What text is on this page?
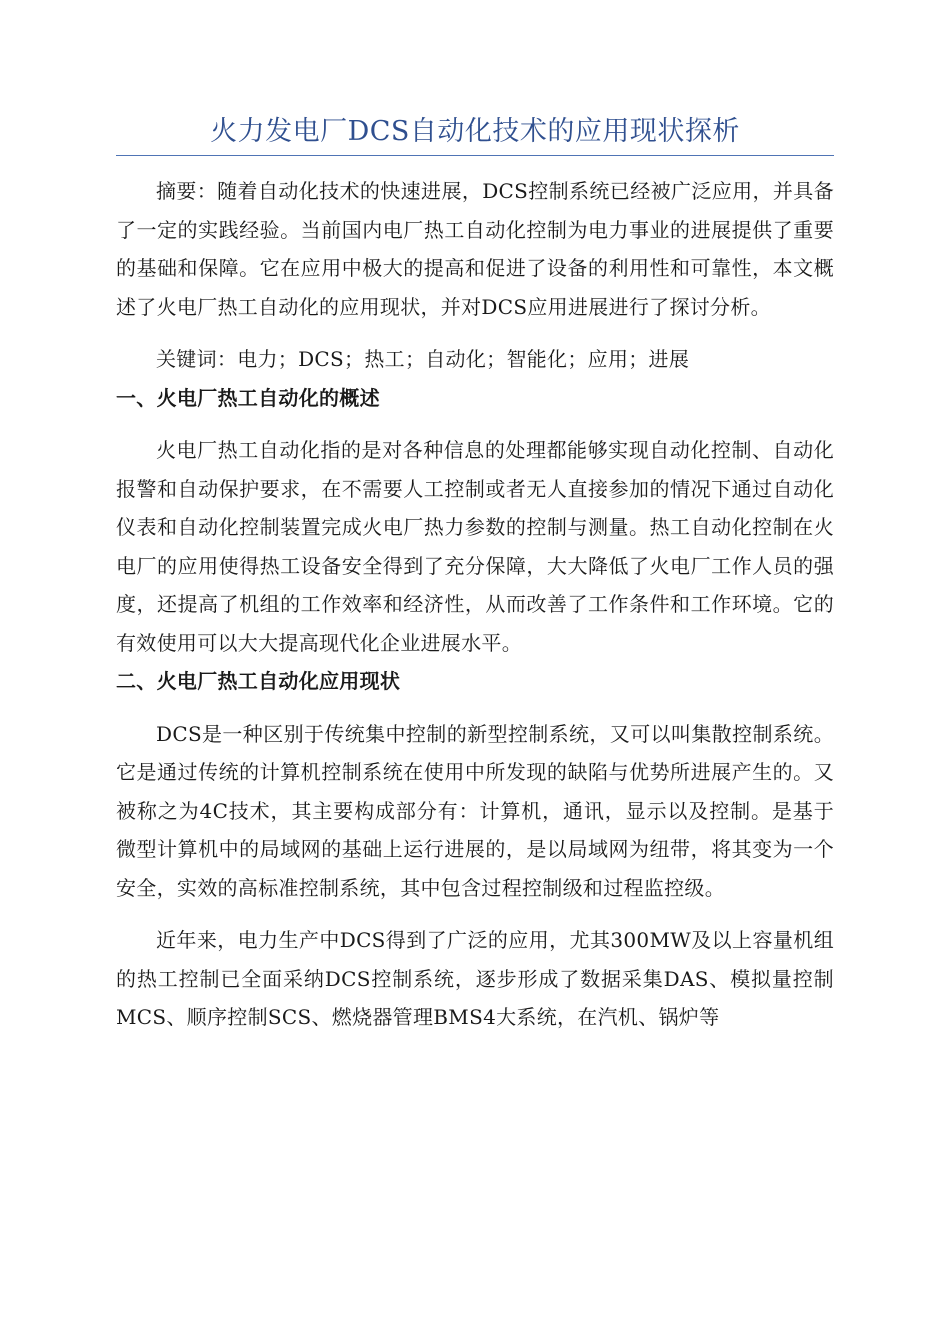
火力发电厂DCS自动化技术的应用现状探析

摘要：随着自动化技术的快速进展，DCS控制系统已经被广泛应用，并具备了一定的实践经验。当前国内电厂热工自动化控制为电力事业的进展提供了重要的基础和保障。它在应用中极大的提高和促进了设备的利用性和可靠性，本文概述了火电厂热工自动化的应用现状，并对DCS应用进展进行了探讨分析。

关键词：电力；DCS；热工；自动化；智能化；应用；进展

一、火电厂热工自动化的概述

火电厂热工自动化指的是对各种信息的处理都能够实现自动化控制、自动化报警和自动保护要求，在不需要人工控制或者无人直接参加的情况下通过自动化仪表和自动化控制装置完成火电厂热力参数的控制与测量。热工自动化控制在火电厂的应用使得热工设备安全得到了充分保障，大大降低了火电厂工作人员的强度，还提高了机组的工作效率和经济性，从而改善了工作条件和工作环境。它的有效使用可以大大提高现代化企业进展水平。

二、火电厂热工自动化应用现状

DCS是一种区别于传统集中控制的新型控制系统，又可以叫集散控制系统。它是通过传统的计算机控制系统在使用中所发现的缺陷与优势所进展产生的。又被称之为4C技术，其主要构成部分有：计算机，通讯，显示以及控制。是基于微型计算机中的局域网的基础上运行进展的，是以局域网为纽带，将其变为一个安全，实效的高标准控制系统，其中包含过程控制级和过程监控级。

近年来，电力生产中DCS得到了广泛的应用，尤其300MW及以上容量机组的热工控制已全面采纳DCS控制系统，逐步形成了数据采集DAS、模拟量控制MCS、顺序控制SCS、燃烧器管理BMS4大系统，在汽机、锅炉等
